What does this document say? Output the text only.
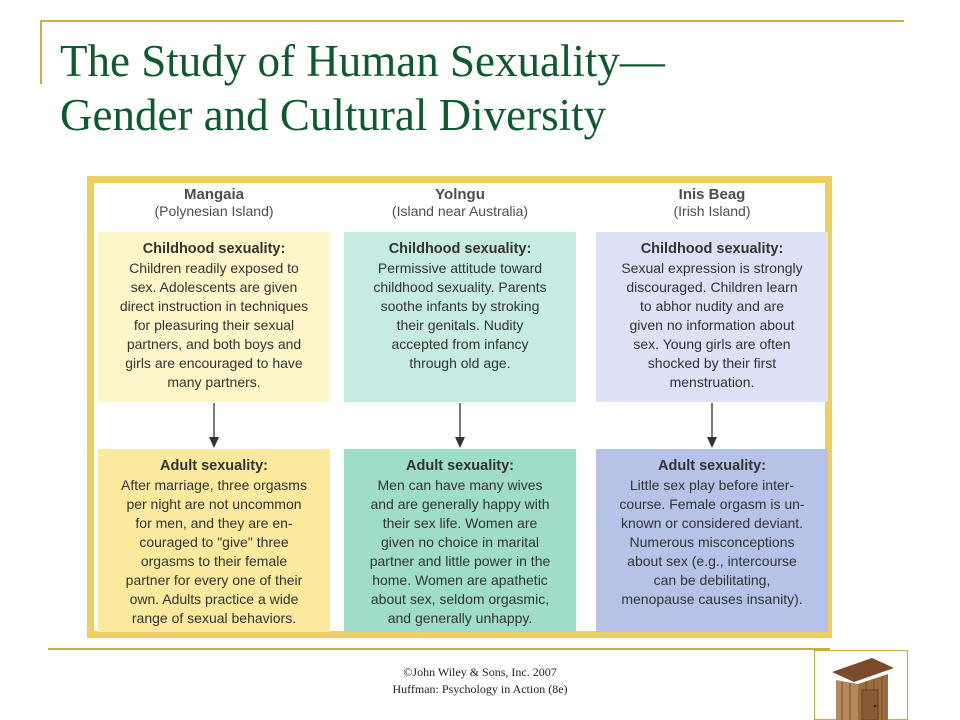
The Study of Human Sexuality—
Gender and Cultural Diversity
Mangaia
(Polynesian Island)
Childhood sexuality:
Children readily exposed to
sex. Adolescents are given
direct instruction in techniques
for pleasuring their sexual
partners, and both boys and
girls are encouraged to have
many partners.
Adult sexuality:
After marriage, three orgasms
per night are not uncommon
for men, and they are en-
couraged to "give" three
orgasms to their female
partner for every one of their
own. Adults practice a wide
range of sexual behaviors.
Yolngu
(Island near Australia)
Childhood sexuality:
Permissive attitude toward
childhood sexuality. Parents
soothe infants by stroking
their genitals. Nudity
accepted from infancy
through old age.
Adult sexuality:
Men can have many wives
and are generally happy with
their sex life. Women are
given no choice in marital
partner and little power in the
home. Women are apathetic
about sex, seldom orgasmic,
and generally unhappy.
Inis Beag
(Irish Island)
Childhood sexuality:
Sexual expression is strongly
discouraged. Children learn
to abhor nudity and are
given no information about
sex. Young girls are often
shocked by their first
menstruation.
Adult sexuality:
Little sex play before inter-
course. Female orgasm is un-
known or considered deviant.
Numerous misconceptions
about sex (e.g., intercourse
can be debilitating,
menopause causes insanity).
©John Wiley & Sons, Inc. 2007
Huffman: Psychology in Action (8e)
